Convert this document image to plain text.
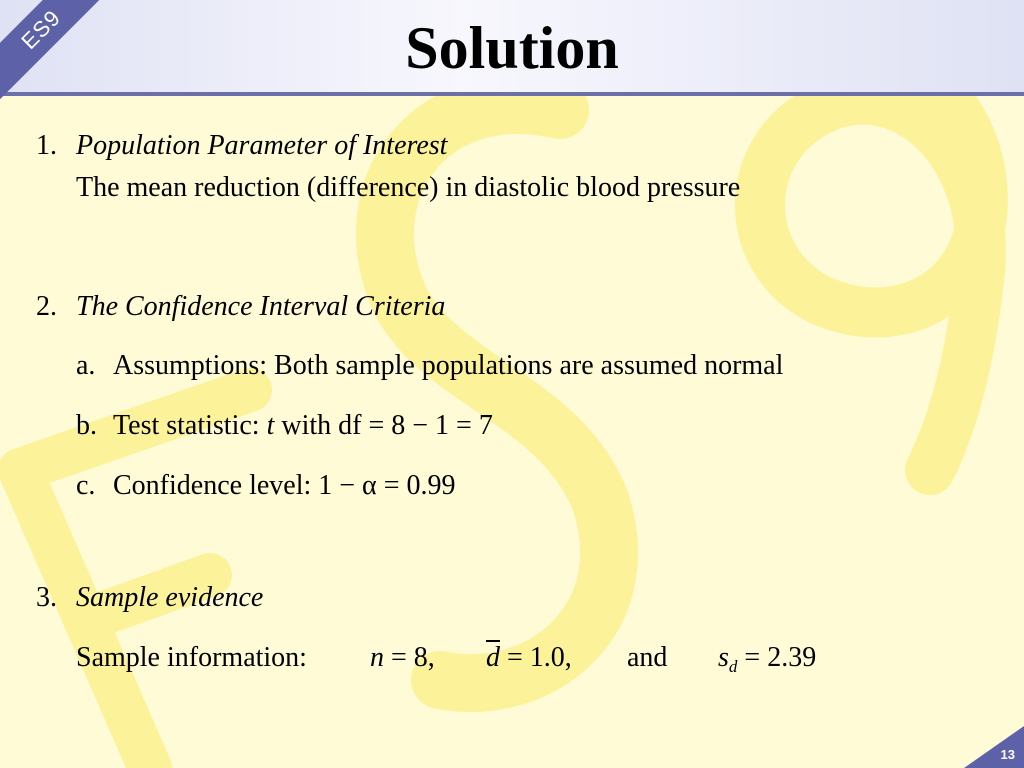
ES9	Solution
1. Population Parameter of Interest
The mean reduction (difference) in diastolic blood pressure
2. The Confidence Interval Criteria
a. Assumptions: Both sample populations are assumed normal
b. Test statistic: t with df = 8 − 1 = 7
c. Confidence level: 1 − α = 0.99
3. Sample evidence
Sample information: n = 8, $\overline{d} = 1.0$, and $s_d = 2.39$
13
